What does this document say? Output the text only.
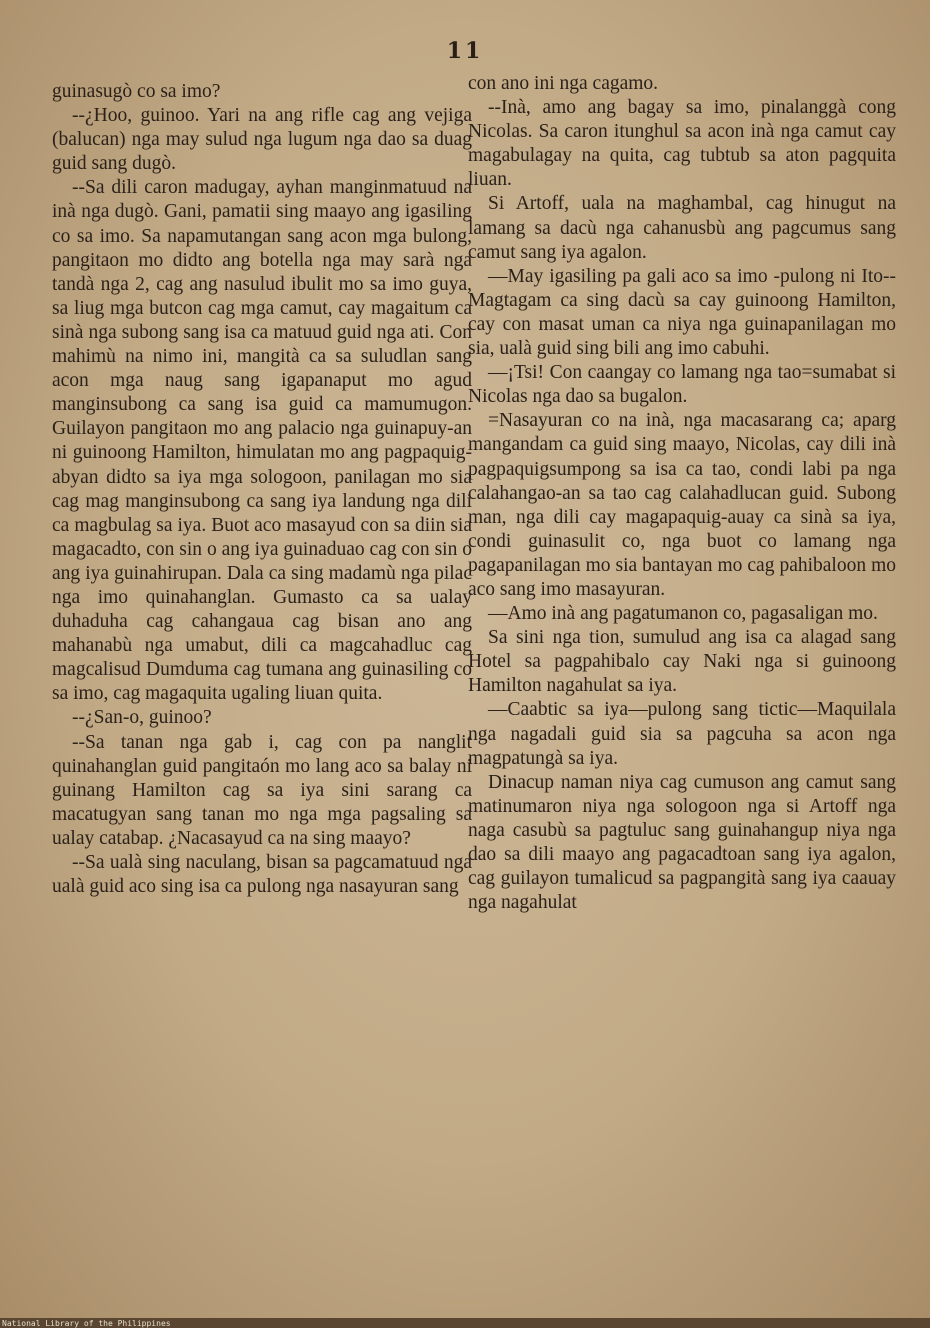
11

guinasugò co sa imo?

--¿Hoo, guinoo. Yari na ang rifle cag ang vejiga (balucan) nga may sulud nga lugum nga dao sa duag guid sang dugò.

--Sa dili caron madugay, ayhan manginmatuud na inà nga dugò. Gani, pamatii sing maayo ang igasiling co sa imo. Sa napamutangan sang acon mga bulong, pangitaon mo didto ang botella nga may sarà nga tandà nga 2, cag ang nasulud ibulit mo sa imo guya, sa liug mga butcon cag mga camut, cay magaitum ca sinà nga subong sang isa ca matuud guid nga ati. Con mahimù na nimo ini, mangità ca sa suludlan sang acon mga naug sang igapanaput mo agud manginsubong ca sang isa guid ca mamumugon. Guilayon pangitaon mo ang palacio nga guinapuy-an ni guinoong Hamilton, himulatan mo ang pagpaquig-abyan didto sa iya mga sologoon, panilagan mo sia cag mag manginsubong ca sang iya landung nga dili ca magbulag sa iya. Buot aco masayud con sa diin sia magacadto, con sin o ang iya guinaduao cag con sin o ang iya guinahirupan. Dala ca sing madamù nga pilac nga imo quinahanglan. Gumasto ca sa ualay duhaduha cag cahangaua cag bisan ano ang mahanabù nga umabut, dili ca magcahadluc cag magcalisud Dumduma cag tumana ang guinasiling co sa imo, cag magaquita ugaling liuan quita.

--¿San-o, guinoo?

--Sa tanan nga gab i, cag con pa nanglit quinahanglan guid pangitaón mo lang aco sa balay ni guinang Hamilton cag sa iya sini sarang ca macatugyan sang tanan mo nga mga pagsaling sa ualay catabap. ¿Nacasayud ca na sing maayo?

--Sa ualà sing naculang, bisan sa pagcamatuud nga ualà guid aco sing isa ca pulong nga nasayuran sang

con ano ini nga cagamo.

--Inà, amo ang bagay sa imo, pinalanggà cong Nicolas. Sa caron itunghul sa acon inà nga camut cay magabulagay na quita, cag tubtub sa aton pagquita liuan.

Si Artoff, uala na maghambal, cag hinugut na lamang sa dacù nga cahanusbù ang pagcumus sang camut sang iya agalon.

—May igasiling pa gali aco sa imo -pulong ni Ito--Magtagam ca sing dacù sa cay guinoong Hamilton, cay con masat uman ca niya nga guinapanilagan mo sia, ualà guid sing bili ang imo cabuhi.

—¡Tsi! Con caangay co lamang nga tao=sumabat si Nicolas nga dao sa bugalon.

=Nasayuran co na inà, nga macasarang ca; aparg mangandam ca guid sing maayo, Nicolas, cay dili inà pagpaquigsumpong sa isa ca tao, condi labi pa nga calahangao-an sa tao cag calahadlucan guid. Subong man, nga dili cay magapaquig-auay ca sinà sa iya, condi guinasulit co, nga buot co lamang nga pagapanilagan mo sia bantayan mo cag pahibaloon mo aco sang imo masayuran.

—Amo inà ang pagatumanon co, pagasaligan mo.

Sa sini nga tion, sumulud ang isa ca alagad sang Hotel sa pagpahibalo cay Naki nga si guinoong Hamilton nagahulat sa iya.

—Caabtic sa iya—pulong sang tictic—Maquilala nga nagadali guid sia sa pagcuha sa acon nga magpatungà sa iya.

Dinacup naman niya cag cumuson ang camut sang matinumaron niya nga sologoon nga si Artoff nga naga casubù sa pagtuluc sang guinahangup niya nga dao sa dili maayo ang pagacadtoan sang iya agalon, cag guilayon tumalicud sa pagpangità sang iya caauay nga nagahulat

National Library of the Philippines
